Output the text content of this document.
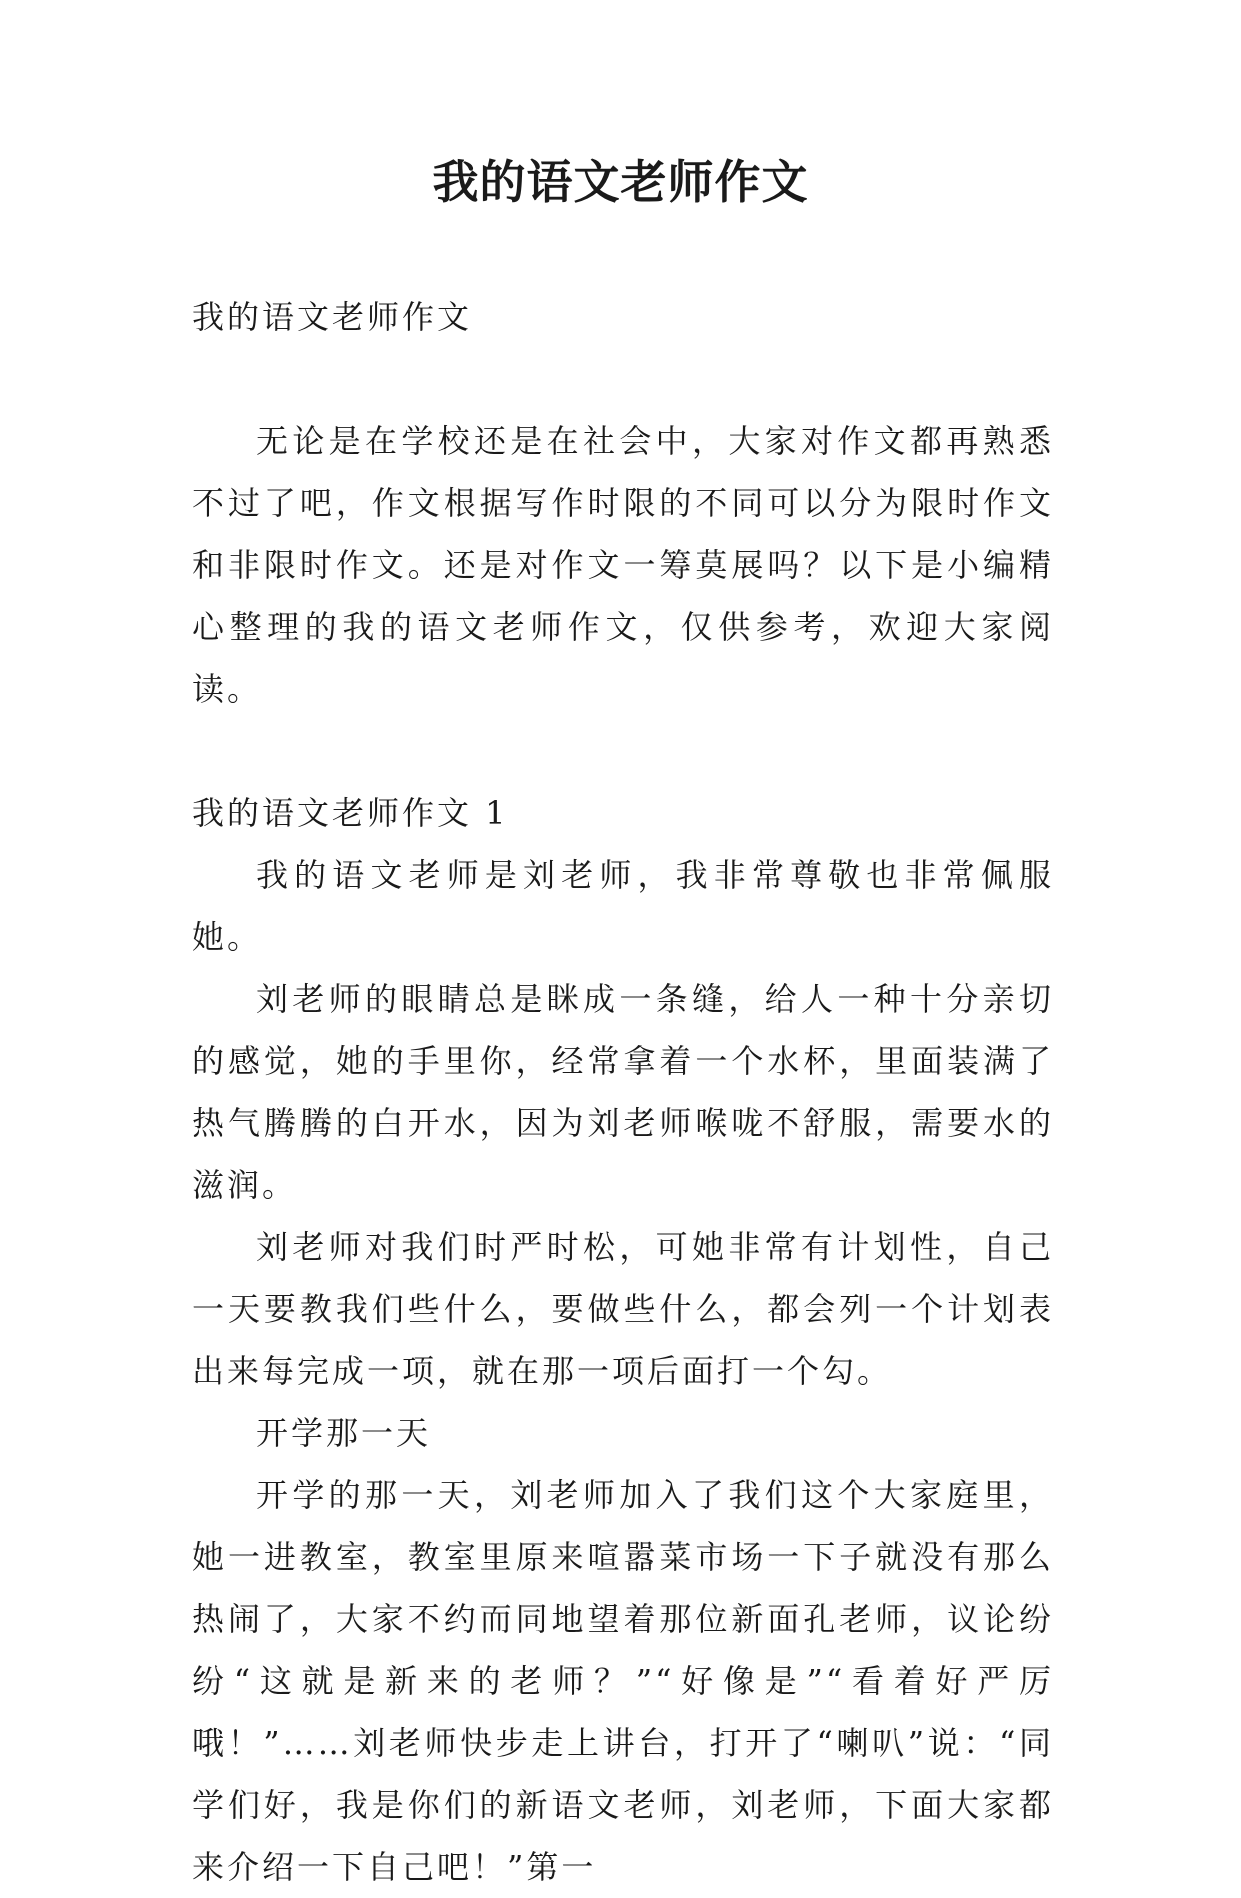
我的语文老师作文

我的语文老师作文

无论是在学校还是在社会中，大家对作文都再熟悉不过了吧，作文根据写作时限的不同可以分为限时作文和非限时作文。还是对作文一筹莫展吗？以下是小编精心整理的我的语文老师作文，仅供参考，欢迎大家阅读。

我的语文老师作文 1

我的语文老师是刘老师，我非常尊敬也非常佩服她。

刘老师的眼睛总是眯成一条缝，给人一种十分亲切的感觉，她的手里你，经常拿着一个水杯，里面装满了热气腾腾的白开水，因为刘老师喉咙不舒服，需要水的滋润。

刘老师对我们时严时松，可她非常有计划性，自己一天要教我们些什么，要做些什么，都会列一个计划表出来每完成一项，就在那一项后面打一个勾。

开学那一天

开学的那一天，刘老师加入了我们这个大家庭里，她一进教室，教室里原来喧嚣菜市场一下子就没有那么热闹了，大家不约而同地望着那位新面孔老师，议论纷纷“这就是新来的老师？”“好像是”“看着好严厉哦！”……刘老师快步走上讲台，打开了“喇叭”说：“同学们好，我是你们的新语文老师，刘老师，下面大家都来介绍一下自己吧！”第一
